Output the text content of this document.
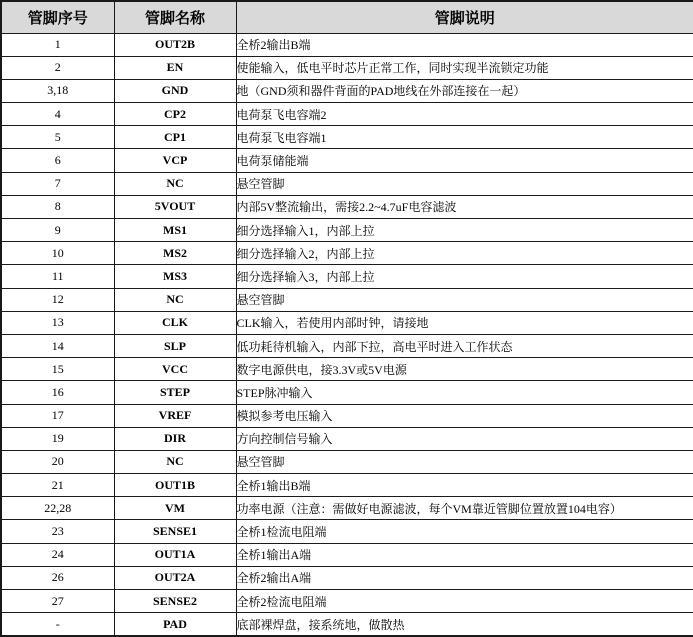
管脚序号	管脚名称	管脚说明
1	OUT2B	全桥2输出B端
2	EN	使能输入，低电平时芯片正常工作，同时实现半流锁定功能
3,18	GND	地（GND须和器件背面的PAD地线在外部连接在一起）
4	CP2	电荷泵飞电容端2
5	CP1	电荷泵飞电容端1
6	VCP	电荷泵储能端
7	NC	悬空管脚
8	5VOUT	内部5V整流输出，需接2.2~4.7uF电容滤波
9	MS1	细分选择输入1，内部上拉
10	MS2	细分选择输入2，内部上拉
11	MS3	细分选择输入3，内部上拉
12	NC	悬空管脚
13	CLK	CLK输入，若使用内部时钟，请接地
14	SLP	低功耗待机输入，内部下拉，高电平时进入工作状态
15	VCC	数字电源供电，接3.3V或5V电源
16	STEP	STEP脉冲输入
17	VREF	模拟参考电压输入
19	DIR	方向控制信号输入
20	NC	悬空管脚
21	OUT1B	全桥1输出B端
22,28	VM	功率电源（注意：需做好电源滤波，每个VM靠近管脚位置放置104电容）
23	SENSE1	全桥1检流电阻端
24	OUT1A	全桥1输出A端
26	OUT2A	全桥2输出A端
27	SENSE2	全桥2检流电阻端
-	PAD	底部裸焊盘，接系统地，做散热
